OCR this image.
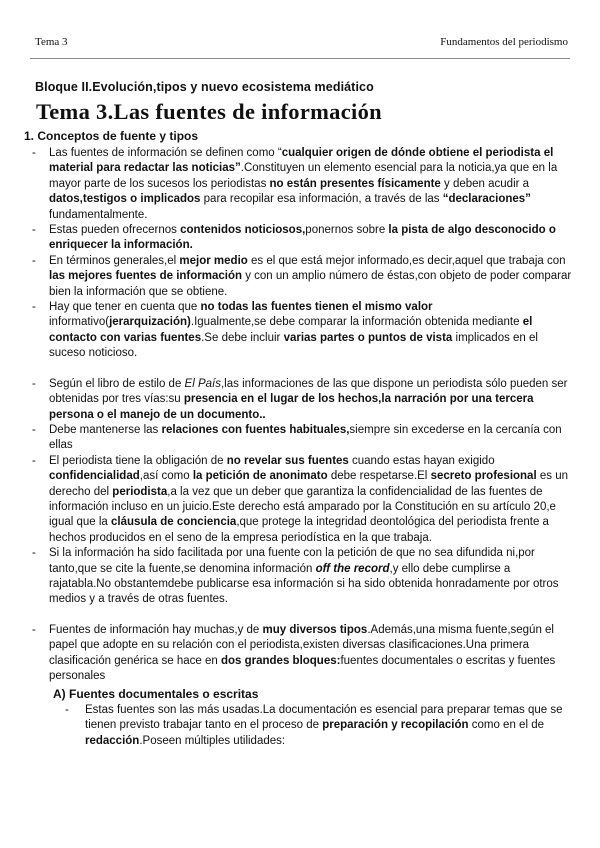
Tema 3	Fundamentos del periodismo
Bloque II.Evolución,tipos y nuevo ecosistema mediático
Tema 3.Las fuentes de información
1. Conceptos de fuente y tipos
- Las fuentes de información se definen como “cualquier origen de dónde obtiene el periodista el material para redactar las noticias”.Constituyen un elemento esencial para la noticia,ya que en la mayor parte de los sucesos los periodistas no están presentes físicamente y deben acudir a datos,testigos o implicados para recopilar esa información, a través de las “declaraciones” fundamentalmente.
- Estas pueden ofrecernos contenidos noticiosos,ponernos sobre la pista de algo desconocido o enriquecer la información.
- En términos generales,el mejor medio es el que está mejor informado,es decir,aquel que trabaja con las mejores fuentes de información y con un amplio número de éstas,con objeto de poder comparar bien la información que se obtiene.
- Hay que tener en cuenta que no todas las fuentes tienen el mismo valor informativo(jerarquización).Igualmente,se debe comparar la información obtenida mediante el contacto con varias fuentes.Se debe incluir varias partes o puntos de vista implicados en el suceso noticioso.
- Según el libro de estilo de El País,las informaciones de las que dispone un periodista sólo pueden ser obtenidas por tres vías:su presencia en el lugar de los hechos,la narración por una tercera persona o el manejo de un documento..
- Debe mantenerse las relaciones con fuentes habituales,siempre sin excederse en la cercanía con ellas
- El periodista tiene la obligación de no revelar sus fuentes cuando estas hayan exigido confidencialidad,así como la petición de anonimato debe respetarse.El secreto profesional es un derecho del periodista,a la vez que un deber que garantiza la confidencialidad de las fuentes de información incluso en un juicio.Este derecho está amparado por la Constitución en su artículo 20,e igual que la cláusula de conciencia,que protege la integridad deontológica del periodista frente a hechos producidos en el seno de la empresa periodística en la que trabaja.
- Si la información ha sido facilitada por una fuente con la petición de que no sea difundida ni,por tanto,que se cite la fuente,se denomina información off the record,y ello debe cumplirse a rajatabla.No obstantemdebe publicarse esa información si ha sido obtenida honradamente por otros medios y a través de otras fuentes.
- Fuentes de información hay muchas,y de muy diversos tipos.Además,una misma fuente,según el papel que adopte en su relación con el periodista,existen diversas clasificaciones.Una primera clasificación genérica se hace en dos grandes bloques:fuentes documentales o escritas y fuentes personales
A) Fuentes documentales o escritas
- Estas fuentes son las más usadas.La documentación es esencial para preparar temas que se tienen previsto trabajar tanto en el proceso de preparación y recopilación como en el de redacción.Poseen múltiples utilidades:
